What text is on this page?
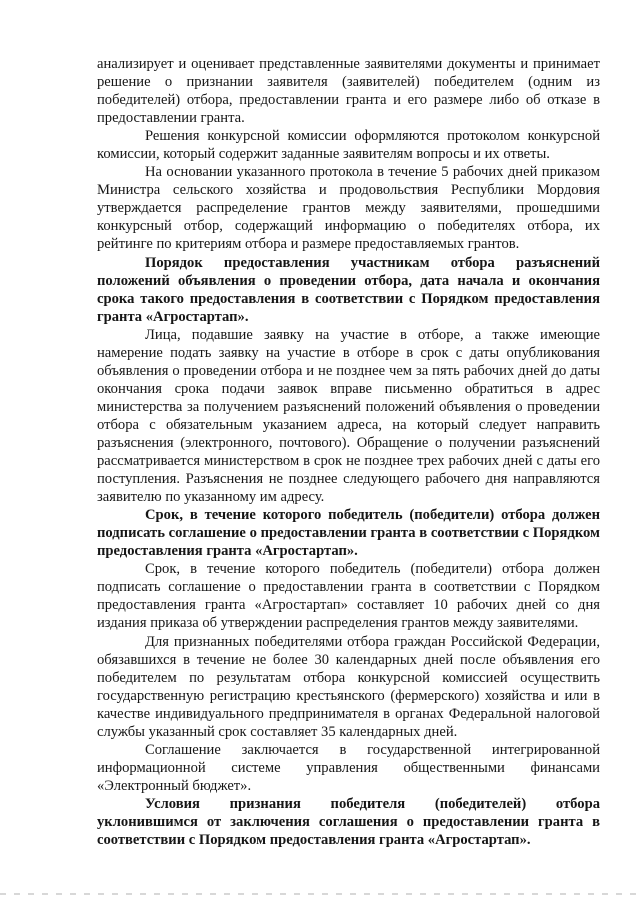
анализирует и оценивает представленные заявителями документы и принимает решение о признании заявителя (заявителей) победителем (одним из победителей) отбора, предоставлении гранта и его размере либо об отказе в предоставлении гранта.

Решения конкурсной комиссии оформляются протоколом конкурсной комиссии, который содержит заданные заявителям вопросы и их ответы.

На основании указанного протокола в течение 5 рабочих дней приказом Министра сельского хозяйства и продовольствия Республики Мордовия утверждается распределение грантов между заявителями, прошедшими конкурсный отбор, содержащий информацию о победителях отбора, их рейтинге по критериям отбора и размере предоставляемых грантов.

Порядок предоставления участникам отбора разъяснений положений объявления о проведении отбора, дата начала и окончания срока такого предоставления в соответствии с Порядком предоставления гранта «Агростартап».

Лица, подавшие заявку на участие в отборе, а также имеющие намерение подать заявку на участие в отборе в срок с даты опубликования объявления о проведении отбора и не позднее чем за пять рабочих дней до даты окончания срока подачи заявок вправе письменно обратиться в адрес министерства за получением разъяснений положений объявления о проведении отбора с обязательным указанием адреса, на который следует направить разъяснения (электронного, почтового). Обращение о получении разъяснений рассматривается министерством в срок не позднее трех рабочих дней с даты его поступления. Разъяснения не позднее следующего рабочего дня направляются заявителю по указанному им адресу.

Срок, в течение которого победитель (победители) отбора должен подписать соглашение о предоставлении гранта в соответствии с Порядком предоставления гранта «Агростартап».

Срок, в течение которого победитель (победители) отбора должен подписать соглашение о предоставлении гранта в соответствии с Порядком предоставления гранта «Агростартап» составляет 10 рабочих дней со дня издания приказа об утверждении распределения грантов между заявителями.

Для признанных победителями отбора граждан Российской Федерации, обязавшихся в течение не более 30 календарных дней после объявления его победителем по результатам отбора конкурсной комиссией осуществить государственную регистрацию крестьянского (фермерского) хозяйства и или в качестве индивидуального предпринимателя в органах Федеральной налоговой службы указанный срок составляет 35 календарных дней.

Соглашение заключается в государственной интегрированной информационной системе управления общественными финансами «Электронный бюджет».

Условия признания победителя (победителей) отбора уклонившимся от заключения соглашения о предоставлении гранта в соответствии с Порядком предоставления гранта «Агростартап».
